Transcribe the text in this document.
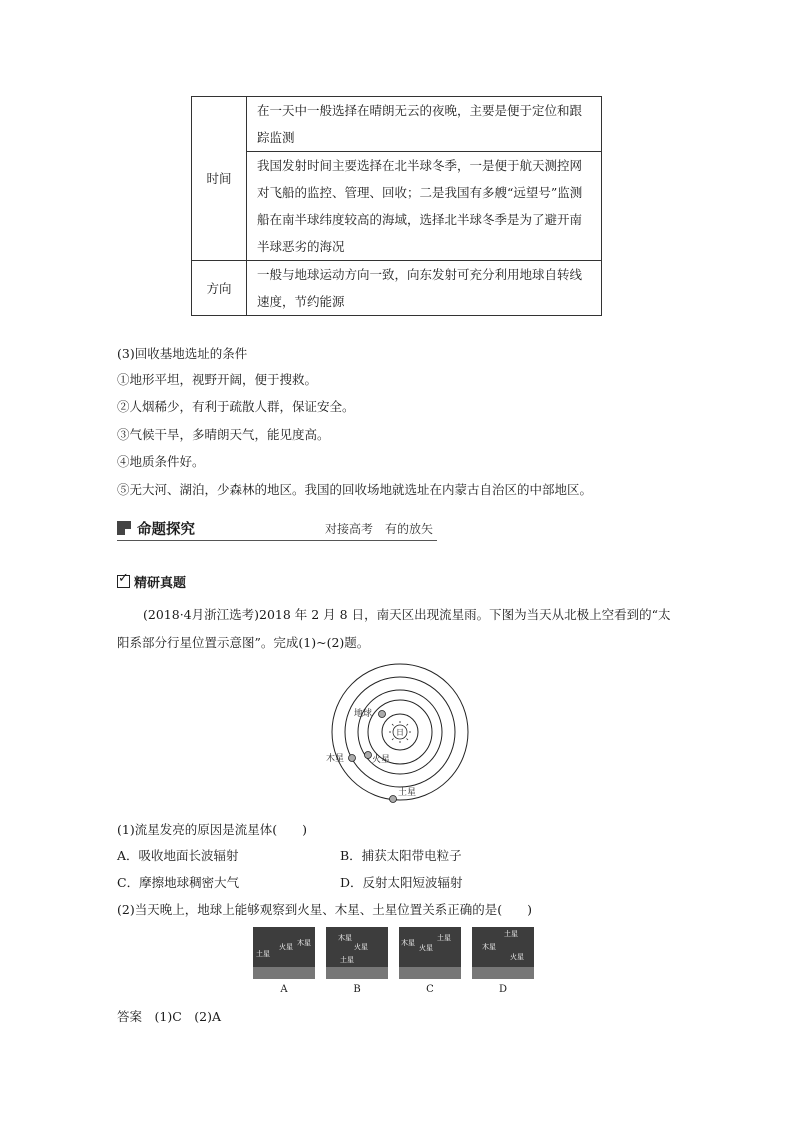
时间	在一天中一般选择在晴朗无云的夜晚，主要是便于定位和跟踪监测
	我国发射时间主要选择在北半球冬季，一是便于航天测控网对飞船的监控、管理、回收；二是我国有多艘“远望号”监测船在南半球纬度较高的海域，选择北半球冬季是为了避开南半球恶劣的海况
方向	一般与地球运动方向一致，向东发射可充分利用地球自转线速度，节约能源
(3)回收基地选址的条件
①地形平坦，视野开阔，便于搜救。
②人烟稀少，有利于疏散人群，保证安全。
③气候干旱，多晴朗天气，能见度高。
④地质条件好。
⑤无大河、湖泊，少森林的地区。我国的回收场地就选址在内蒙古自治区的中部地区。
命题探究	对接高考　有的放矢
✓精研真题
(2018·4月浙江选考)2018 年 2 月 8 日，南天区出现流星雨。下图为当天从北极上空看到的“太阳系部分行星位置示意图”。完成(1)~(2)题。
日
地球
火星
木星
土星
(1)流星发亮的原因是流星体(　　)
A．吸收地面长波辐射	B．捕获太阳带电粒子
C．摩擦地球稠密大气	D．反射太阳短波辐射
(2)当天晚上，地球上能够观察到火星、木星、土星位置关系正确的是(　　)
土星
火星 木星
A
木星
火星
土星
B
木星
火星
土星
C
土星
木星
火星
D
答案　(1)C　(2)A
